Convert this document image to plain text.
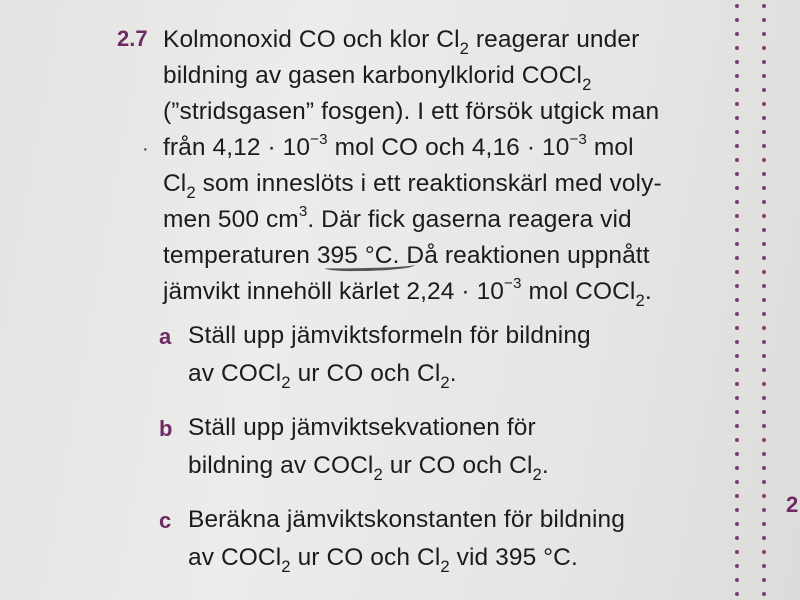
2.7
·
Kolmonoxid CO och klor $Cl_2$ reagerar under
bildning av gasen karbonylklorid COCl$_2$
(”stridsgasen” fosgen). I ett försök utgick man
från $4,12 \cdot 10^{-3}$ mol CO och $4,16 \cdot 10^{-3}$ mol
$Cl_2$ som inneslöts i ett reaktionskärl med voly-
men 500 $cm^3$. Där fick gaserna reagera vid
temperaturen 395 °C. Då reaktionen uppnått
jämvikt innehöll kärlet $2,24 \cdot 10^{-3}$ mol COCl$_2$.
a Ställ upp jämviktsformeln för bildning
av COCl$_2$ ur CO och $Cl_2$.
b Ställ upp jämviktsekvationen för
bildning av COCl$_2$ ur CO och $Cl_2$.
c Beräkna jämviktskonstanten för bildning
av COCl$_2$ ur CO och $Cl_2$ vid 395 °C.
2
